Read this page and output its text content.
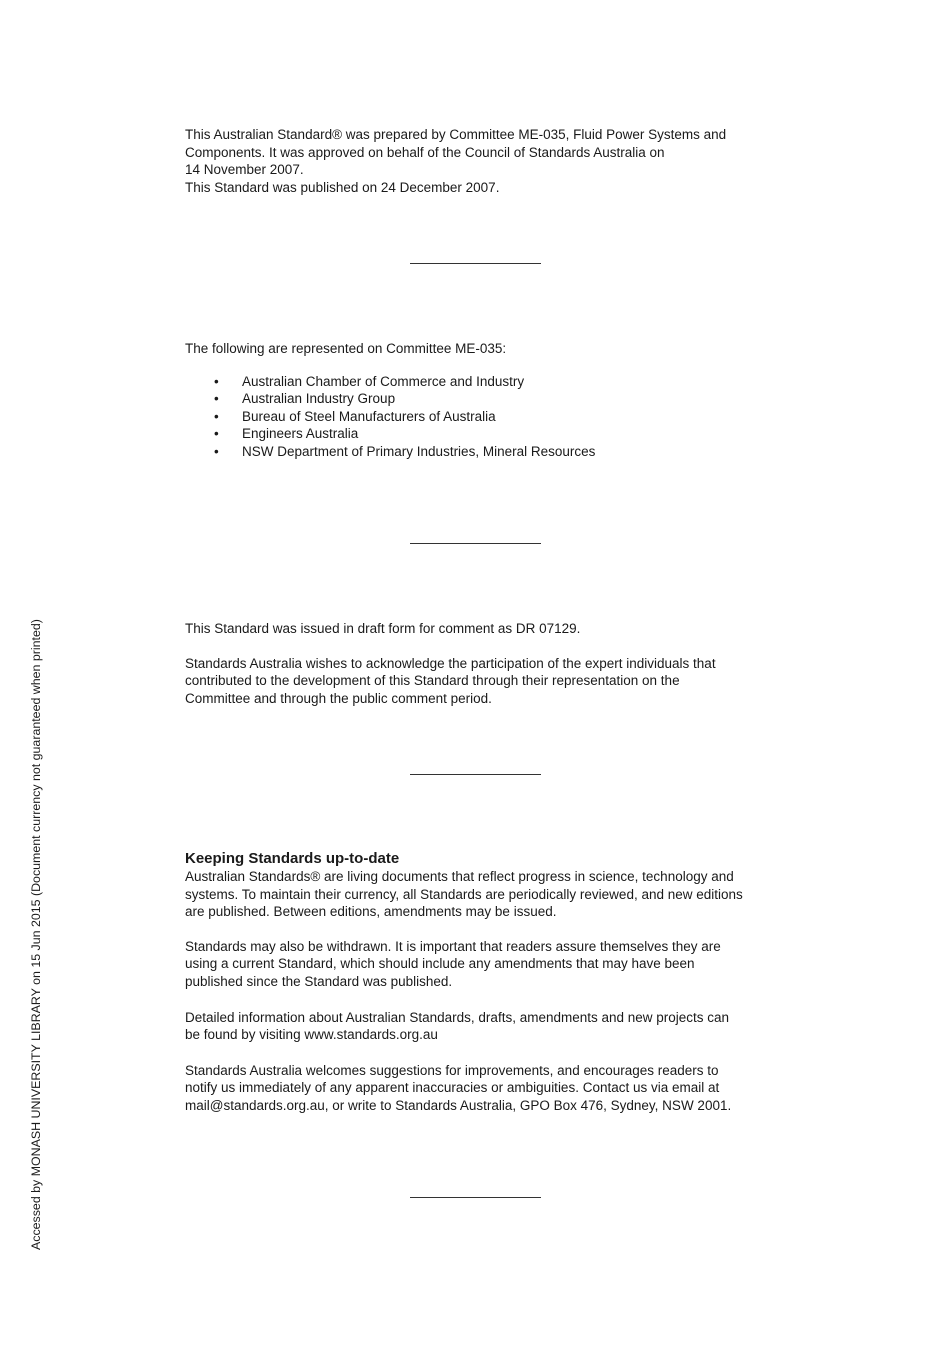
This Australian Standard® was prepared by Committee ME-035, Fluid Power Systems and
Components. It was approved on behalf of the Council of Standards Australia on
14 November 2007.
This Standard was published on 24 December 2007.

The following are represented on Committee ME-035:

• Australian Chamber of Commerce and Industry
• Australian Industry Group
• Bureau of Steel Manufacturers of Australia
• Engineers Australia
• NSW Department of Primary Industries, Mineral Resources

This Standard was issued in draft form for comment as DR 07129.

Standards Australia wishes to acknowledge the participation of the expert individuals that
contributed to the development of this Standard through their representation on the
Committee and through the public comment period.

Keeping Standards up-to-date

Australian Standards® are living documents that reflect progress in science, technology and
systems. To maintain their currency, all Standards are periodically reviewed, and new editions
are published. Between editions, amendments may be issued.

Standards may also be withdrawn. It is important that readers assure themselves they are
using a current Standard, which should include any amendments that may have been
published since the Standard was published.

Detailed information about Australian Standards, drafts, amendments and new projects can
be found by visiting www.standards.org.au

Standards Australia welcomes suggestions for improvements, and encourages readers to
notify us immediately of any apparent inaccuracies or ambiguities. Contact us via email at
mail@standards.org.au, or write to Standards Australia, GPO Box 476, Sydney, NSW 2001.

Accessed by MONASH UNIVERSITY LIBRARY on 15 Jun 2015 (Document currency not guaranteed when printed)
